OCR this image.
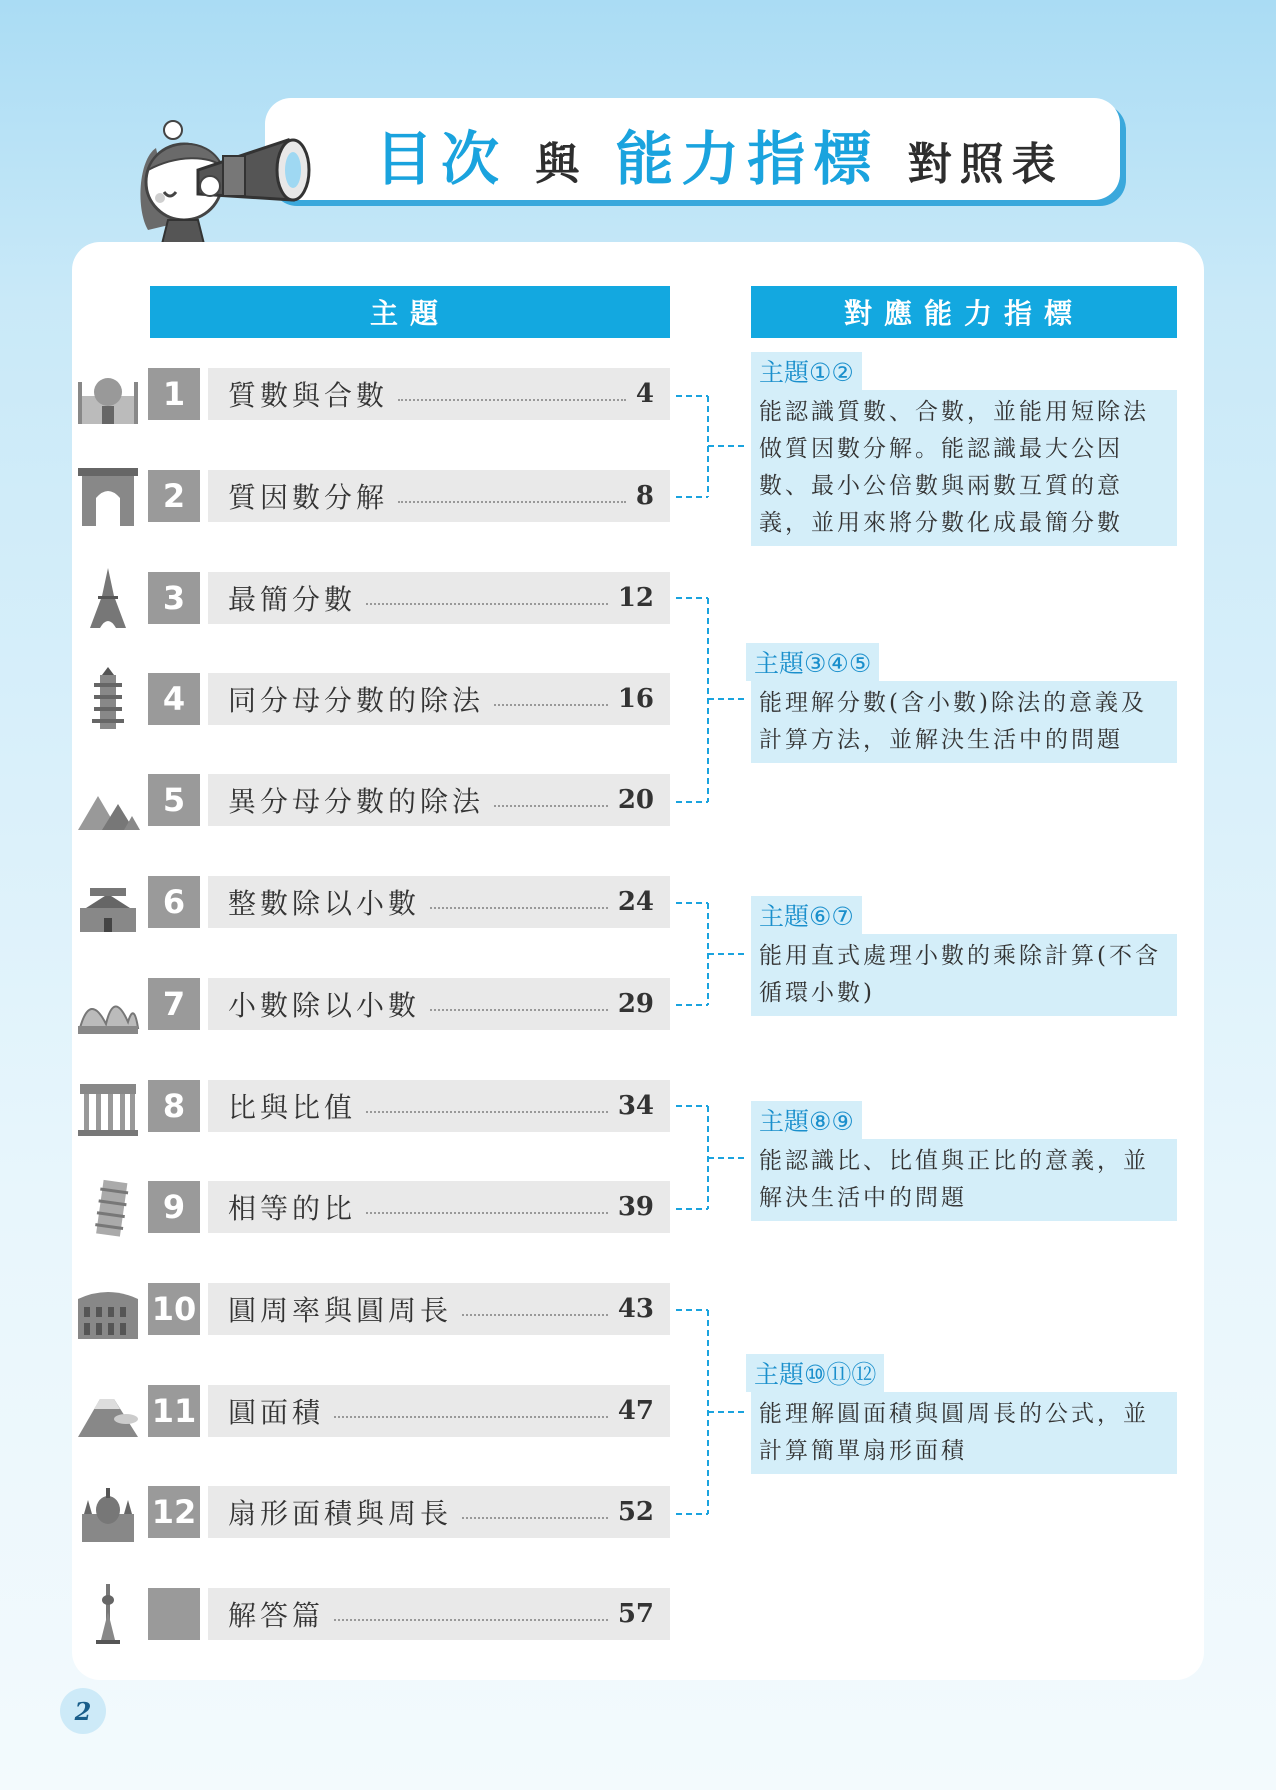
目次 與 能力指標 對照表
主題	對應能力指標
1	質數與合數	4
2	質因數分解	8
3	最簡分數	12
4	同分母分數的除法	16
5	異分母分數的除法	20
6	整數除以小數	24
7	小數除以小數	29
8	比與比值	34
9	相等的比	39
10	圓周率與圓周長	43
11	圓面積	47
12	扇形面積與周長	52
解答篇	57
主題①②
能認識質數、合數，並能用短除法做質因數分解。能認識最大公因數、最小公倍數與兩數互質的意義，並用來將分數化成最簡分數
主題③④⑤
能理解分數(含小數)除法的意義及計算方法，並解決生活中的問題
主題⑥⑦
能用直式處理小數的乘除計算(不含循環小數)
主題⑧⑨
能認識比、比值與正比的意義，並解決生活中的問題
主題⑩⑪⑫
能理解圓面積與圓周長的公式，並計算簡單扇形面積
2
